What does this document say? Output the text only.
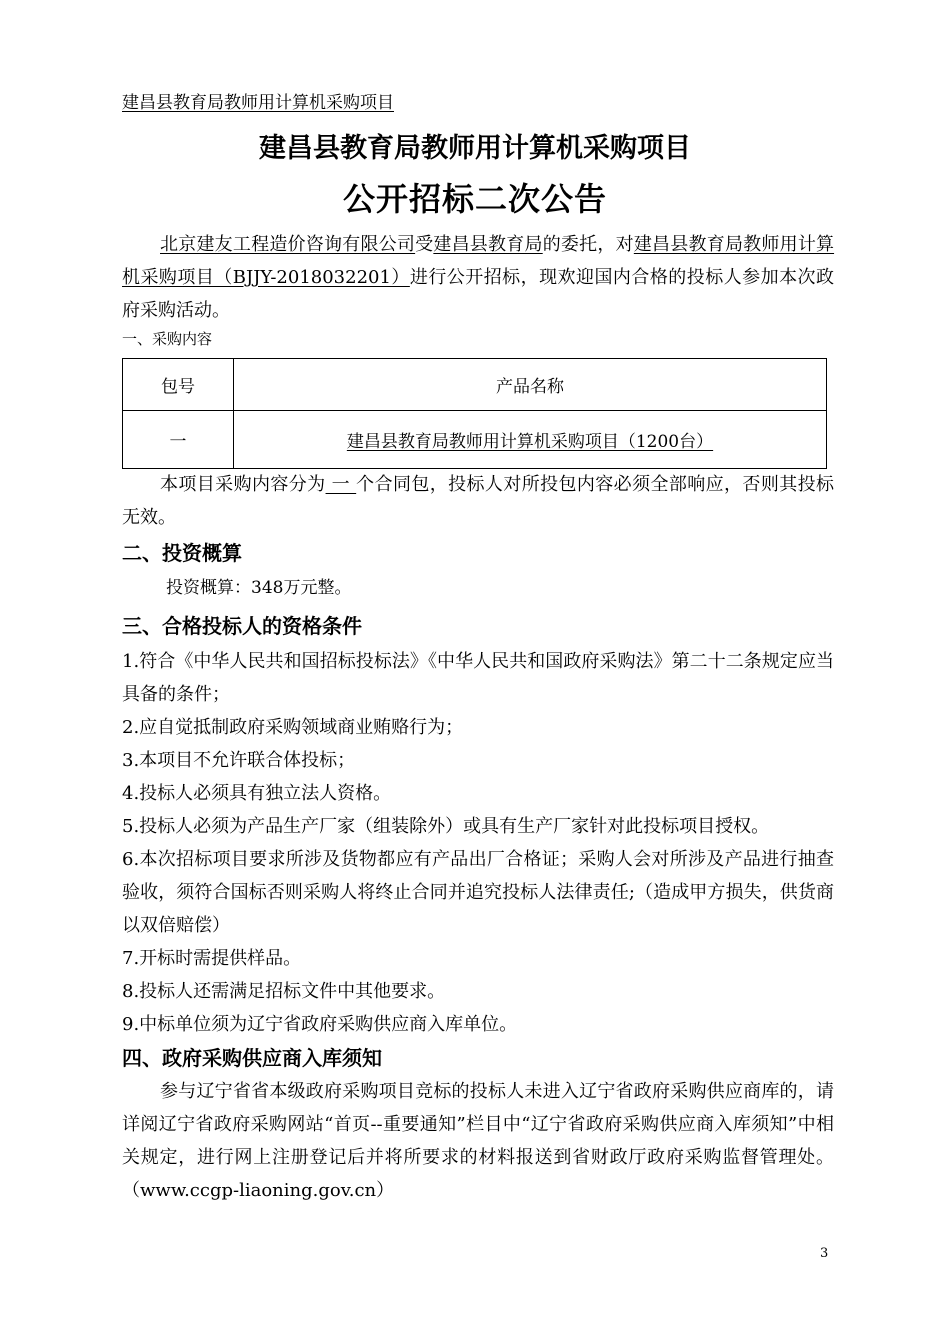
建昌县教育局教师用计算机采购项目
建昌县教育局教师用计算机采购项目
公开招标二次公告
北京建友工程造价咨询有限公司受建昌县教育局的委托，对建昌县教育局教师用计算机采购项目（BJJY-2018032201）进行公开招标，现欢迎国内合格的投标人参加本次政府采购活动。
一、采购内容
包号	产品名称
一	建昌县教育局教师用计算机采购项目（1200台）
本项目采购内容分为 一 个合同包，投标人对所投包内容必须全部响应，否则其投标无效。
二、投资概算
投资概算：348万元整。
三、合格投标人的资格条件

1.符合《中华人民共和国招标投标法》《中华人民共和国政府采购法》第二十二条规定应当具备的条件；

2.应自觉抵制政府采购领域商业贿赂行为；

3.本项目不允许联合体投标；

4.投标人必须具有独立法人资格。

5.投标人必须为产品生产厂家（组装除外）或具有生产厂家针对此投标项目授权。

6.本次招标项目要求所涉及货物都应有产品出厂合格证；采购人会对所涉及产品进行抽查验收，须符合国标否则采购人将终止合同并追究投标人法律责任;（造成甲方损失，供货商以双倍赔偿）

7.开标时需提供样品。

8.投标人还需满足招标文件中其他要求。

9.中标单位须为辽宁省政府采购供应商入库单位。

四、政府采购供应商入库须知
参与辽宁省省本级政府采购项目竞标的投标人未进入辽宁省政府采购供应商库的，请详阅辽宁省政府采购网站“首页--重要通知”栏目中“辽宁省政府采购供应商入库须知”中相关规定，进行网上注册登记后并将所要求的材料报送到省财政厅政府采购监督管理处。（www.ccgp-liaoning.gov.cn）
3
